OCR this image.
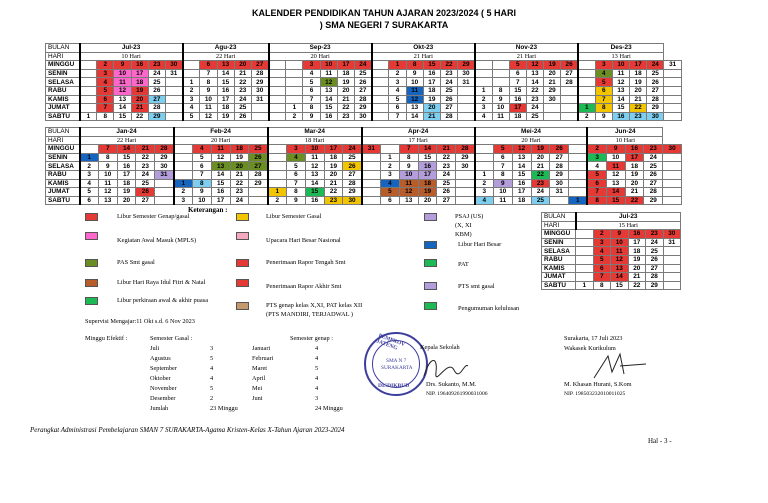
KALENDER PENDIDIKAN TAHUN AJARAN 2023/2024 ( 5 HARI
) SMA NEGERI 7 SURAKARTA
BULAN	Jul-23						Agu-23					Sep-23						Okt-23						Nov-23						Des-23					
HARI	10 Hari						22 Hari					20 Hari						21 Hari						21 Hari						13 Hari					
MINGGU		2	9	16	23	30		6	13	20	27			3	10	17	24		1	8	15	22	29			5	12	19	26		3	10	17	24	31
SENIN		3	10	17	24	31		7	14	21	28			4	11	18	25		2	9	16	23	30			6	13	20	27		4	11	18	25	
SELASA		4	11	18	25		1	8	15	22	29			5	12	19	26		3	10	17	24	31			7	14	21	28		5	12	19	26	
RABU		5	12	19	26		2	9	16	23	30			6	13	20	27		4	11	18	25		1	8	15	22	29			6	13	20	27	
KAMIS		6	13	20	27		3	10	17	24	31			7	14	21	28		5	12	19	26		2	9	16	23	30			7	14	21	28	
JUMAT		7	14	21	28		4	11	18	25			1	8	15	22	29		6	13	20	27		3	10	17	24			1	8	15	22	29	
SABTU	1	8	15	22	29		5	12	19	26			2	9	16	23	30		7	14	21	28		4	11	18	25			2	9	16	23	30	
BULAN	Jan-24					Feb-24					Mar-24					Apr-24						Mei-24						Jun-24				
HARI	22 Hari					20 Hari					18 Hari					17 Hari						20 Hari						10 Hari				
MINGGU		7	14	21	28		4	11	18	25		3	10	17	24	31		7	14	21	28		5	12	19	26		2	9	16	23	30
SENIN	1	8	15	22	29		5	12	19	26		4	11	18	25		1	8	15	22	29		6	13	20	27		3	10	17	24	
SELASA	2	9	16	23	30		6	13	20	27		5	12	19	26		2	9	16	23	30		7	14	21	28		4	11	18	25	
RABU	3	10	17	24	31		7	14	21	28		6	13	20	27		3	10	17	24		1	8	15	22	29		5	12	19	26	
KAMIS	4	11	18	25		1	8	15	22	29		7	14	21	28		4	11	18	25		2	9	16	23	30		6	13	20	27	
JUMAT	5	12	19	26		2	9	16	23		1	8	15	22	29		5	12	19	26		3	10	17	24	31		7	14	21	28	
SABTU	6	13	20	27		3	10	17	24		2	9	16	23	30		6	13	20	27		4	11	18	25		1	8	15	22	29	
Keterangan :
Libur Semester Genap/gasal
Kegiatan Awal Masuk (MPLS)
PAS Smt gasal
Libur Hari Raya Idul Fitri & Natal
Libur perkiraan awal & akhir puasa
Libur Semester Gasal
Upacara Hari Besar Nasional
Penerimaan Rapor Tengah Smt
Penerimaan Rapor Akhir Smt
PTS genap kelas X,XI, PAT kelas XII
PSAJ (US)
Libur Hari Besar
PAT
PTS smt gasal
Pengumuman kelulusan
(X, XI
KBM)
(PTS MANDIRI, TERJADWAL )
BULAN	Jul-23					
HARI	15 Hari					
MINGGU		2	9	16	23	30
SENIN		3	10	17	24	31
SELASA		4	11	18	25	
RABU		5	12	19	26	
KAMIS		6	13	20	27	
JUMAT		7	14	21	28	
SABTU	1	8	15	22	29	
Supervisi Mengajar:11 Okt s.d. 6 Nov 2023
Minggu Efektif :	Semester Gasal :	Semester genap :
Juli	3
Agustus	5
September	4
Oktober	4
November	5
Desember	2
Januari	4
Februari	4
Maret	5
April	4
Mei	4
Juni	3
Jumlah	23 Minggu	24 Minggu
PEMPROV JATENG
SMA N 7
SURAKARTA
DISDIKBUD
Kepala Sekolah
Drs. Sukanto, M.M.
NIP. 196409261990031006
Surakarta, 17 Juli 2023
Wakasek Kurikulum
M. Khasan Hurani, S.Kom
NIP. 198503232010011025
Perangkat Administrasi Pembelajaran SMAN 7 SURAKARTA-Agama Kristen-Kelas X-Tahun Ajaran 2023-2024
Hal - 3 -
